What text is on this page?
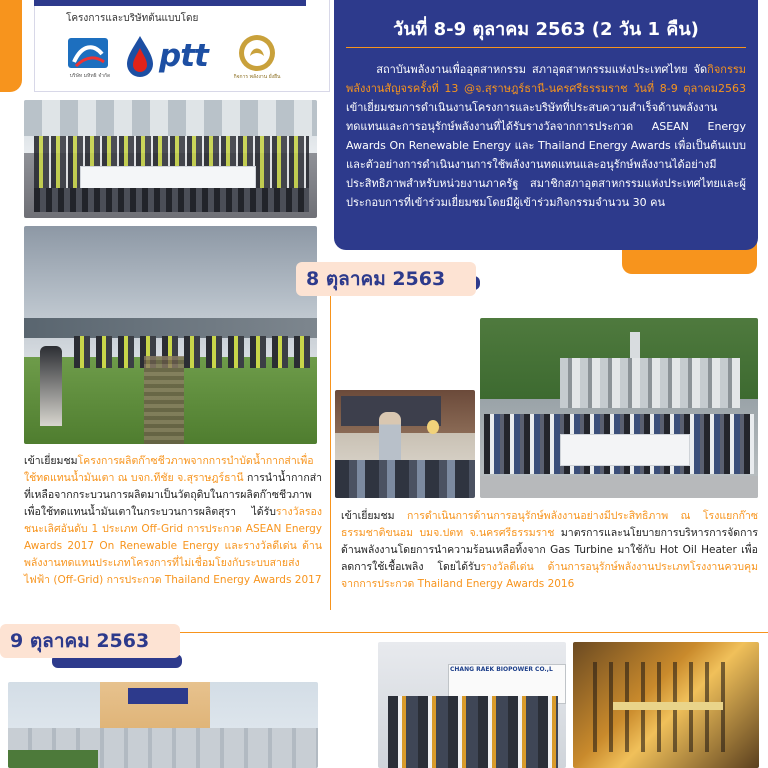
โครงการและบริษัทต้นแบบโดย
บริษัท มหิทธิ จำกัด
ptt
กิจการ พลังงาน ยั่งยืน
วันที่ 8-9 ตุลาคม 2563 (2 วัน 1 คืน)
สถาบันพลังงานเพื่ออุตสาหกรรม สภาอุตสาหกรรมแห่งประเทศไทย จัดกิจกรรมพลังงานสัญจรครั้งที่ 13 @จ.สุราษฎร์ธานี-นครศรีธรรมราช วันที่ 8-9 ตุลาคม2563 เข้าเยี่ยมชมการดำเนินงานโครงการและบริษัทที่ประสบความสำเร็จด้านพลังงานทดแทนและการอนุรักษ์พลังงานที่ได้รับรางวัลจากการประกวด ASEAN Energy Awards On Renewable Energy และ Thailand Energy Awards เพื่อเป็นต้นแบบและตัวอย่างการดำเนินงานการใช้พลังงานทดแทนและอนุรักษ์พลังงานได้อย่างมีประสิทธิภาพสำหรับหน่วยงานภาครัฐ สมาชิกสภาอุตสาหกรรมแห่งประเทศไทยและผู้ประกอบการที่เข้าร่วมเยี่ยมชมโดยมีผู้เข้าร่วมกิจกรรมจำนวน 30 คน
8 ตุลาคม 2563
เข้าเยี่ยมชมโครงการผลิตก๊าซชีวภาพจากการบำบัดน้ำกากส่าเพื่อใช้ทดแทนน้ำมันเตา ณ บจก.ทีชัย จ.สุราษฎร์ธานี การนำน้ำกากส่าที่เหลือจากกระบวนการผลิตมาเป็นวัตถุดิบในการผลิตก๊าซชีวภาพเพื่อใช้ทดแทนน้ำมันเตาในกระบวนการผลิตสุรา ได้รับรางวัลรองชนะเลิศอันดับ 1 ประเภท Off-Grid การประกวด ASEAN Energy Awards 2017 On Renewable Energy และรางวัลดีเด่น ด้านพลังงานทดแทนประเภทโครงการที่ไม่เชื่อมโยงกับระบบสายส่งไฟฟ้า (Off-Grid) การประกวด Thailand Energy Awards 2017
เข้าเยี่ยมชม การดำเนินการด้านการอนุรักษ์พลังงานอย่างมีประสิทธิภาพ ณ โรงแยกก๊าซธรรมชาติขนอม บมจ.ปตท จ.นครศรีธรรมราช มาตรการและนโยบายการบริหารการจัดการด้านพลังงานโดยการนำความร้อนเหลือทิ้งจาก Gas Turbine มาใช้กับ Hot Oil Heater เพื่อลดการใช้เชื้อเพลิง โดยได้รับรางวัลดีเด่น ด้านการอนุรักษ์พลังงานประเภทโรงงานควบคุม จากการประกวด Thailand Energy Awards 2016
9 ตุลาคม 2563
CHANG RAEK BIOPOWER CO.,L
